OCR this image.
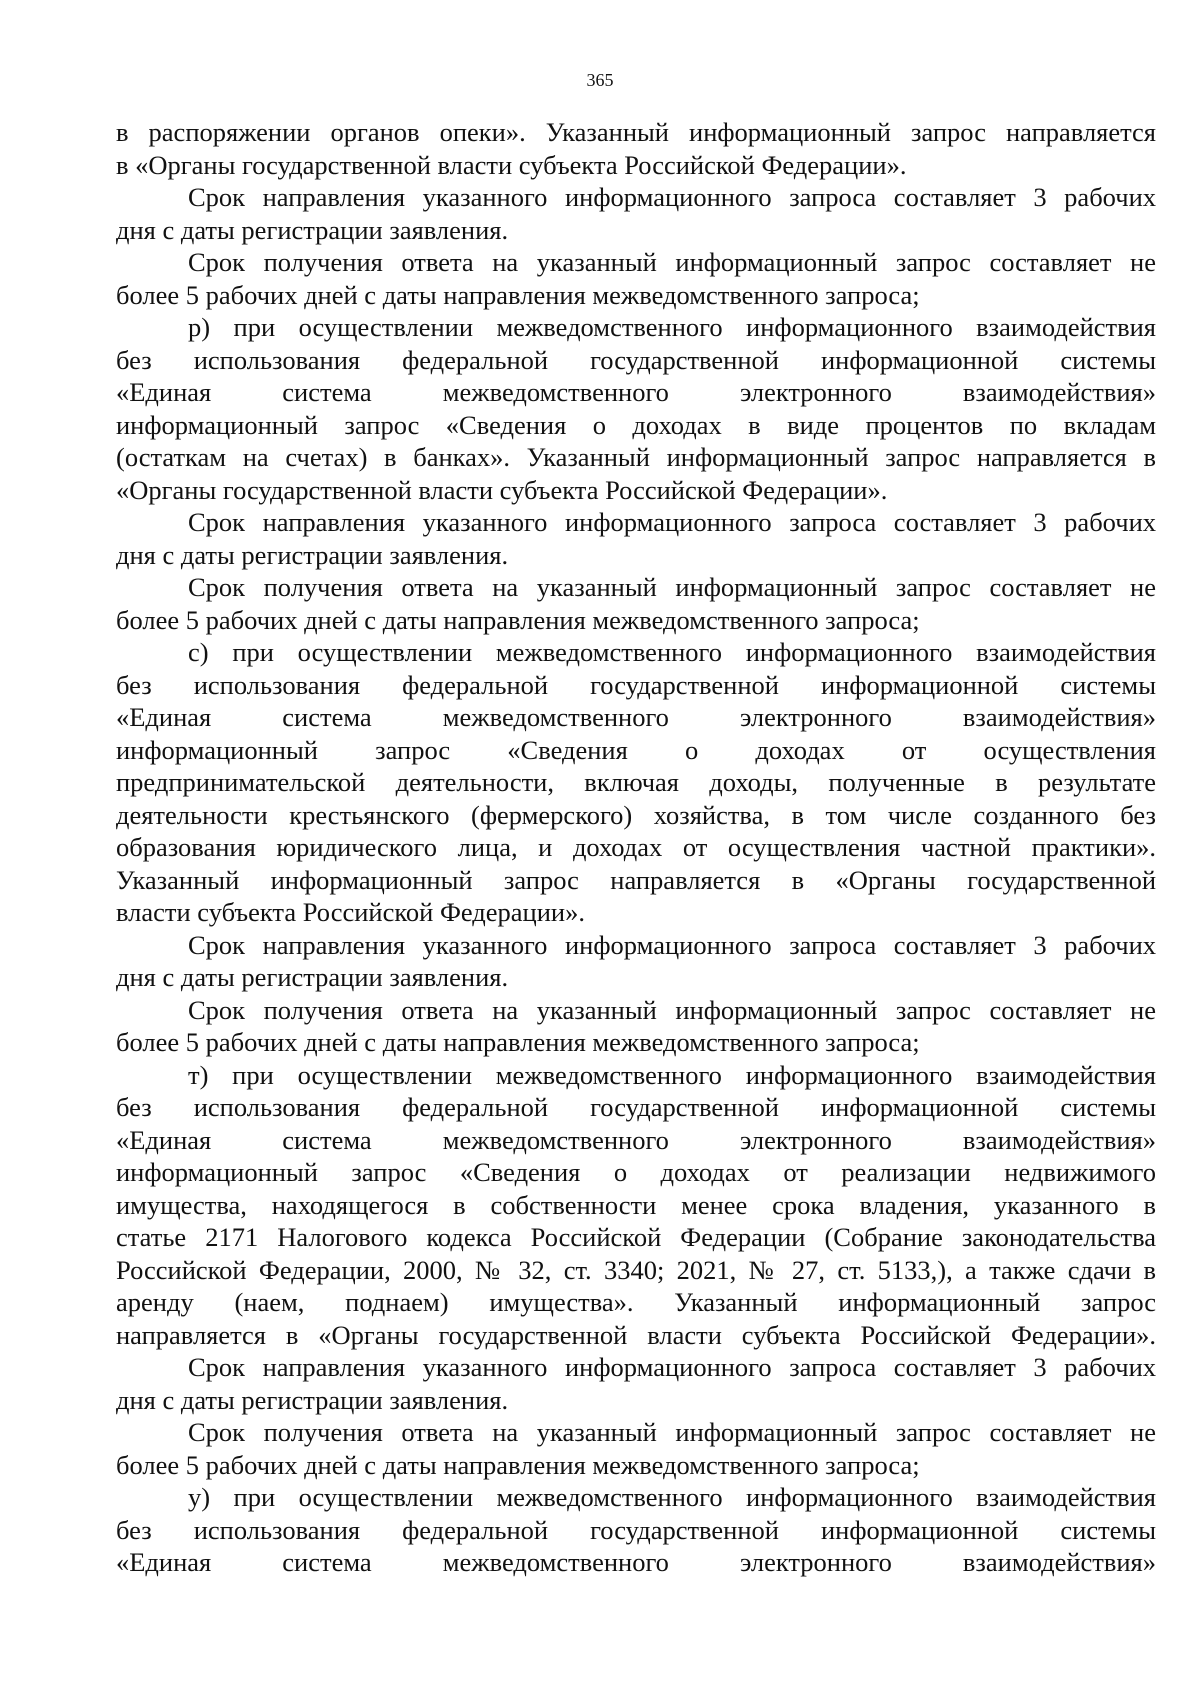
365
в распоряжении органов опеки». Указанный информационный запрос направляется
в «Органы государственной власти субъекта Российской Федерации».
Срок направления указанного информационного запроса составляет 3 рабочих
дня с даты регистрации заявления.
Срок получения ответа на указанный информационный запрос составляет не
более 5 рабочих дней с даты направления межведомственного запроса;
р) при осуществлении межведомственного информационного взаимодействия
без использования федеральной государственной информационной системы
«Единая система межведомственного электронного взаимодействия»
информационный запрос «Сведения о доходах в виде процентов по вкладам
(остаткам на счетах) в банках». Указанный информационный запрос направляется в
«Органы государственной власти субъекта Российской Федерации».
Срок направления указанного информационного запроса составляет 3 рабочих
дня с даты регистрации заявления.
Срок получения ответа на указанный информационный запрос составляет не
более 5 рабочих дней с даты направления межведомственного запроса;
с) при осуществлении межведомственного информационного взаимодействия
без использования федеральной государственной информационной системы
«Единая система межведомственного электронного взаимодействия»
информационный запрос «Сведения о доходах от осуществления
предпринимательской деятельности, включая доходы, полученные в результате
деятельности крестьянского (фермерского) хозяйства, в том числе созданного без
образования юридического лица, и доходах от осуществления частной практики».
Указанный информационный запрос направляется в «Органы государственной
власти субъекта Российской Федерации».
Срок направления указанного информационного запроса составляет 3 рабочих
дня с даты регистрации заявления.
Срок получения ответа на указанный информационный запрос составляет не
более 5 рабочих дней с даты направления межведомственного запроса;
т) при осуществлении межведомственного информационного взаимодействия
без использования федеральной государственной информационной системы
«Единая система межведомственного электронного взаимодействия»
информационный запрос «Сведения о доходах от реализации недвижимого
имущества, находящегося в собственности менее срока владения, указанного в
статье 2171 Налогового кодекса Российской Федерации (Собрание законодательства
Российской Федерации, 2000, № 32, ст. 3340; 2021, № 27, ст. 5133,), а также сдачи в
аренду (наем, поднаем) имущества». Указанный информационный запрос
направляется в «Органы государственной власти субъекта Российской Федерации».
Срок направления указанного информационного запроса составляет 3 рабочих
дня с даты регистрации заявления.
Срок получения ответа на указанный информационный запрос составляет не
более 5 рабочих дней с даты направления межведомственного запроса;
у) при осуществлении межведомственного информационного взаимодействия
без использования федеральной государственной информационной системы
«Единая система межведомственного электронного взаимодействия»
